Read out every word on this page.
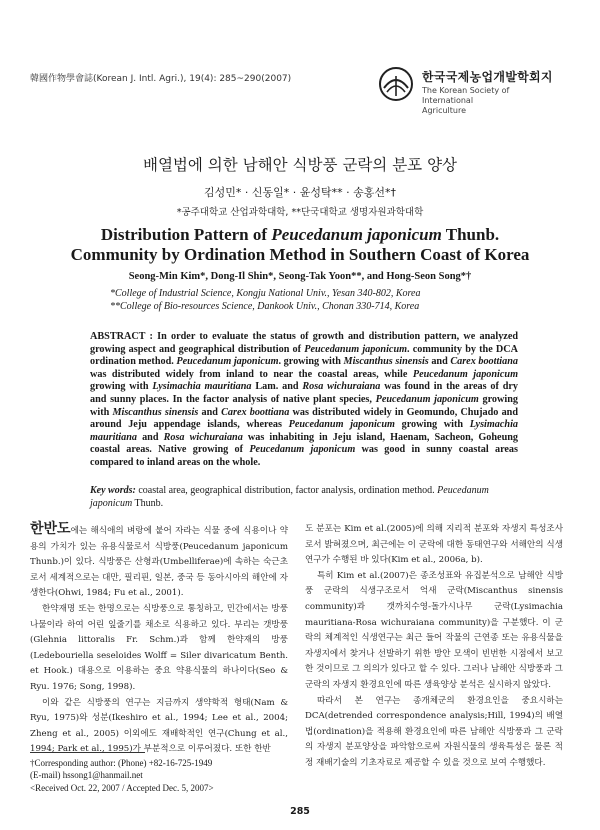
韓國作物學會誌(Korean J. Intl. Agri.), 19(4): 285~290(2007)	한국국제농업개발학회지
The Korean Society of International
Agriculture
배열법에 의한 남해안 식방풍 군락의 분포 양상
김성민* · 신동일* · 윤성탁** · 송홍선*†
*공주대학교 산업과학대학, **단국대학교 생명자원과학대학
Distribution Pattern of Peucedanum japonicum Thunb.
Community by Ordination Method in Southern Coast of Korea
Seong-Min Kim*, Dong-Il Shin*, Seong-Tak Yoon**, and Hong-Seon Song*†
*College of Industrial Science, Kongju National Univ., Yesan 340-802, Korea
**College of Bio-resources Science, Dankook Univ., Chonan 330-714, Korea

ABSTRACT : In order to evaluate the status of growth and distribution pattern, we analyzed growing aspect and geographical distribution of Peucedanum japonicum. community by the DCA ordination method. Peucedanum japonicum. growing with Miscanthus sinensis and Carex boottiana was distributed widely from inland to near the coastal areas, while Peucedanum japonicum growing with Lysimachia mauritiana Lam. and Rosa wichuraiana was found in the areas of dry and sunny places. In the factor analysis of native plant species, Peucedanum japonicum growing with Miscanthus sinensis and Carex boottiana was distributed widely in Geomundo, Chujado and around Jeju appendage islands, whereas Peucedanum japonicum growing with Lysimachia mauritiana and Rosa wichuraiana was inhabiting in Jeju island, Haenam, Sacheon, Goheung coastal areas. Native growing of Peucedanum japonicum was good in sunny coastal areas compared to inland areas on the whole.

Key words: coastal area, geographical distribution, factor analysis, ordination method. Peucedanum japonicum Thunb.

한반도에는 해식애의 벼랑에 붙어 자라는 식물 중에 식용이나 약용의 가치가 있는 유용식물로서 식방풍(Peucedanum japonicum Thunb.)이 있다. 식방풍은 산형과(Umbelliferae)에 속하는 숙근초로서 세계적으로는 대만, 필리핀, 일본, 중국 등 동아시아의 해안에 자생한다(Ohwi, 1984; Fu et al., 2001).

한약재명 또는 한명으로는 식방풍으로 통칭하고, 민간에서는 방풍나물이라 하여 어린 잎줄기를 채소로 식용하고 있다. 부리는 갯방풍(Glehnia littoralis Fr. Schm.)과 함께 한약재의 방풍(Ledebouriella seseloides Wolff = Siler divaricatum Benth. et Hook.) 대용으로 이용하는 중요 약용식물의 하나이다(Seo & Ryu. 1976; Song, 1998).

이와 같은 식방풍의 연구는 지금까지 생약학적 형태(Nam & Ryu, 1975)와 성분(Ikeshiro et al., 1994; Lee et al., 2004; Zheng et al., 2005) 이외에도 재배학적인 연구(Chung et al., 1994; Park et al., 1995)가 부분적으로 이루어졌다. 또한 한반

도 분포는 Kim et al.(2005)에 의해 지리적 분포와 자생지 특성조사로서 밝혀졌으며, 최근에는 이 군락에 대한 동태연구와 서해안의 식생연구가 수행된 바 있다(Kim et al., 2006a, b).

특히 Kim et al.(2007)은 종조성표와 유집분석으로 남해안 식방풍 군락의 식생구조로서 억새 군락(Miscanthus sinensis community)과 갯까치수영-돌가시나무 군락(Lysimachia mauritiana-Rosa wichuraiana community)을 구분했다. 이 군락의 체계적인 식생연구는 최근 들어 작물의 근연종 또는 유용식물을 자생지에서 찾거나 선발하기 위한 방안 모색이 빈번한 시점에서 보고한 것이므로 그 의의가 있다고 할 수 있다. 그러나 남해안 식방풍과 그 군락의 자생지 환경요인에 따른 생육양상 분석은 실시하지 않았다.

따라서 본 연구는 종개체군의 환경요인을 중요시하는 DCA(detrended correspondence analysis;Hill, 1994)의 배열법(ordination)을 적용해 환경요인에 따른 남해안 식방풍과 그 군락의 자생지 분포양상을 파악함으로써 자원식물의 생육특성은 물론 적정 재배기술의 기초자료로 제공할 수 있을 것으로 보여 수행했다.

†Corresponding author: (Phone) +82-16-725-1949
(E-mail) hssong1@hanmail.net
<Received Oct. 22, 2007 / Accepted Dec. 5, 2007>
285
